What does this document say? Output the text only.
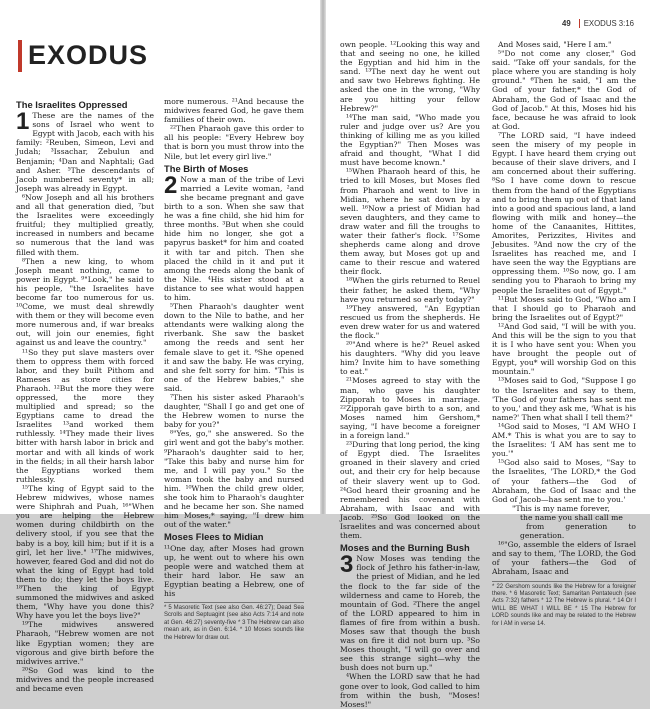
EXODUS
The Israelites Oppressed
1 These are the names of the sons of Israel who went to Egypt with Jacob, each with his family: ²Reuben, Simeon, Levi and Judah; ³Issachar, Zebulun and Benjamin; ⁴Dan and Naphtali; Gad and Asher. ⁵The descendants of Jacob numbered seventy* in all; Joseph was already in Egypt.

⁶Now Joseph and all his brothers and all that generation died, ⁷but the Israelites were exceedingly fruitful; they multiplied greatly, increased in numbers and became so numerous that the land was filled with them.

⁸Then a new king, to whom Joseph meant nothing, came to power in Egypt. ⁹"Look," he said to his people, "the Israelites have become far too numerous for us. ¹⁰Come, we must deal shrewdly with them or they will become even more numerous and, if war breaks out, will join our enemies, fight against us and leave the country."

¹¹So they put slave masters over them to oppress them with forced labor, and they built Pithom and Rameses as store cities for Pharaoh. ¹²But the more they were oppressed, the more they multiplied and spread; so the Egyptians came to dread the Israelites ¹³and worked them ruthlessly. ¹⁴They made their lives bitter with harsh labor in brick and mortar and with all kinds of work in the fields; in all their harsh labor the Egyptians worked them ruthlessly.

¹⁵The king of Egypt said to the Hebrew midwives, whose names were Shiphrah and Puah, ¹⁶"When you are helping the Hebrew women during childbirth on the delivery stool, if you see that the baby is a boy, kill him; but if it is a girl, let her live." ¹⁷The midwives, however, feared God and did not do what the king of Egypt had told them to do; they let the boys live. ¹⁸Then the king of Egypt summoned the midwives and asked them, "Why have you done this? Why have you let the boys live?"

¹⁹The midwives answered Pharaoh, "Hebrew women are not like Egyptian women; they are vigorous and give birth before the midwives arrive."

²⁰So God was kind to the midwives and the people increased and became even

more numerous. ²¹And because the midwives feared God, he gave them families of their own.

²²Then Pharaoh gave this order to all his people: "Every Hebrew boy that is born you must throw into the Nile, but let every girl live."

The Birth of Moses
2 Now a man of the tribe of Levi married a Levite woman, ²and she became pregnant and gave birth to a son. When she saw that he was a fine child, she hid him for three months. ³But when she could hide him no longer, she got a papyrus basket* for him and coated it with tar and pitch. Then she placed the child in it and put it among the reeds along the bank of the Nile. ⁴His sister stood at a distance to see what would happen to him.

⁵Then Pharaoh's daughter went down to the Nile to bathe, and her attendants were walking along the riverbank. She saw the basket among the reeds and sent her female slave to get it. ⁶She opened it and saw the baby. He was crying, and she felt sorry for him. "This is one of the Hebrew babies," she said.

⁷Then his sister asked Pharaoh's daughter, "Shall I go and get one of the Hebrew women to nurse the baby for you?"

⁸"Yes, go," she answered. So the girl went and got the baby's mother. ⁹Pharaoh's daughter said to her, "Take this baby and nurse him for me, and I will pay you." So the woman took the baby and nursed him. ¹⁰When the child grew older, she took him to Pharaoh's daughter and he became her son. She named him Moses,* saying, "I drew him out of the water."

Moses Flees to Midian

¹¹One day, after Moses had grown up, he went out to where his own people were and watched them at their hard labor. He saw an Egyptian beating a Hebrew, one of his

* 5 Masoretic Text (see also Gen. 46:27); Dead Sea Scrolls and Septuagint (see also Acts 7:14 and note at Gen. 46:27) seventy-five * 3 The Hebrew can also mean ark, as in Gen. 6:14. * 10 Moses sounds like the Hebrew for draw out.
49 EXODUS 3:16

own people. ¹²Looking this way and that and seeing no one, he killed the Egyptian and hid him in the sand. ¹³The next day he went out and saw two Hebrews fighting. He asked the one in the wrong, "Why are you hitting your fellow Hebrew?"

¹⁴The man said, "Who made you ruler and judge over us? Are you thinking of killing me as you killed the Egyptian?" Then Moses was afraid and thought, "What I did must have become known."

¹⁵When Pharaoh heard of this, he tried to kill Moses, but Moses fled from Pharaoh and went to live in Midian, where he sat down by a well. ¹⁶Now a priest of Midian had seven daughters, and they came to draw water and fill the troughs to water their father's flock. ¹⁷Some shepherds came along and drove them away, but Moses got up and came to their rescue and watered their flock.

¹⁸When the girls returned to Reuel their father, he asked them, "Why have you returned so early today?"

¹⁹They answered, "An Egyptian rescued us from the shepherds. He even drew water for us and watered the flock."

²⁰"And where is he?" Reuel asked his daughters. "Why did you leave him? Invite him to have something to eat."

²¹Moses agreed to stay with the man, who gave his daughter Zipporah to Moses in marriage. ²²Zipporah gave birth to a son, and Moses named him Gershom,* saying, "I have become a foreigner in a foreign land."

²³During that long period, the king of Egypt died. The Israelites groaned in their slavery and cried out, and their cry for help because of their slavery went up to God. ²⁴God heard their groaning and he remembered his covenant with Abraham, with Isaac and with Jacob. ²⁵So God looked on the Israelites and was concerned about them.

Moses and the Burning Bush
3 Now Moses was tending the flock of Jethro his father-in-law, the priest of Midian, and he led the flock to the far side of the wilderness and came to Horeb, the mountain of God. ²There the angel of the LORD appeared to him in flames of fire from within a bush. Moses saw that though the bush was on fire it did not burn up. ³So Moses thought, "I will go over and see this strange sight—why the bush does not burn up."

⁴When the LORD saw that he had gone over to look, God called to him from within the bush, "Moses! Moses!"

And Moses said, "Here I am."

⁵"Do not come any closer," God said. "Take off your sandals, for the place where you are standing is holy ground." ⁶Then he said, "I am the God of your father,* the God of Abraham, the God of Isaac and the God of Jacob." At this, Moses hid his face, because he was afraid to look at God.

⁷The LORD said, "I have indeed seen the misery of my people in Egypt. I have heard them crying out because of their slave drivers, and I am concerned about their suffering. ⁸So I have come down to rescue them from the hand of the Egyptians and to bring them up out of that land into a good and spacious land, a land flowing with milk and honey—the home of the Canaanites, Hittites, Amorites, Perizzites, Hivites and Jebusites. ⁹And now the cry of the Israelites has reached me, and I have seen the way the Egyptians are oppressing them. ¹⁰So now, go. I am sending you to Pharaoh to bring my people the Israelites out of Egypt."

¹¹But Moses said to God, "Who am I that I should go to Pharaoh and bring the Israelites out of Egypt?"

¹²And God said, "I will be with you. And this will be the sign to you that it is I who have sent you: When you have brought the people out of Egypt, you* will worship God on this mountain."

¹³Moses said to God, "Suppose I go to the Israelites and say to them, 'The God of your fathers has sent me to you,' and they ask me, 'What is his name?' Then what shall I tell them?"

¹⁴God said to Moses, "I AM WHO I AM.* This is what you are to say to the Israelites: 'I AM has sent me to you.'"

¹⁵God also said to Moses, "Say to the Israelites, 'The LORD,* the God of your fathers—the God of Abraham, the God of Isaac and the God of Jacob—has sent me to you.'

"This is my name forever,

the name you shall call me

from generation to generation.

¹⁶"Go, assemble the elders of Israel and say to them, 'The LORD, the God of your fathers—the God of Abraham, Isaac and

* 22 Gershom sounds like the Hebrew for a foreigner there. * 6 Masoretic Text; Samaritan Pentateuch (see Acts 7:32) fathers * 12 The Hebrew is plural. * 14 Or I WILL BE WHAT I WILL BE * 15 The Hebrew for LORD sounds like and may be related to the Hebrew for I AM in verse 14.
